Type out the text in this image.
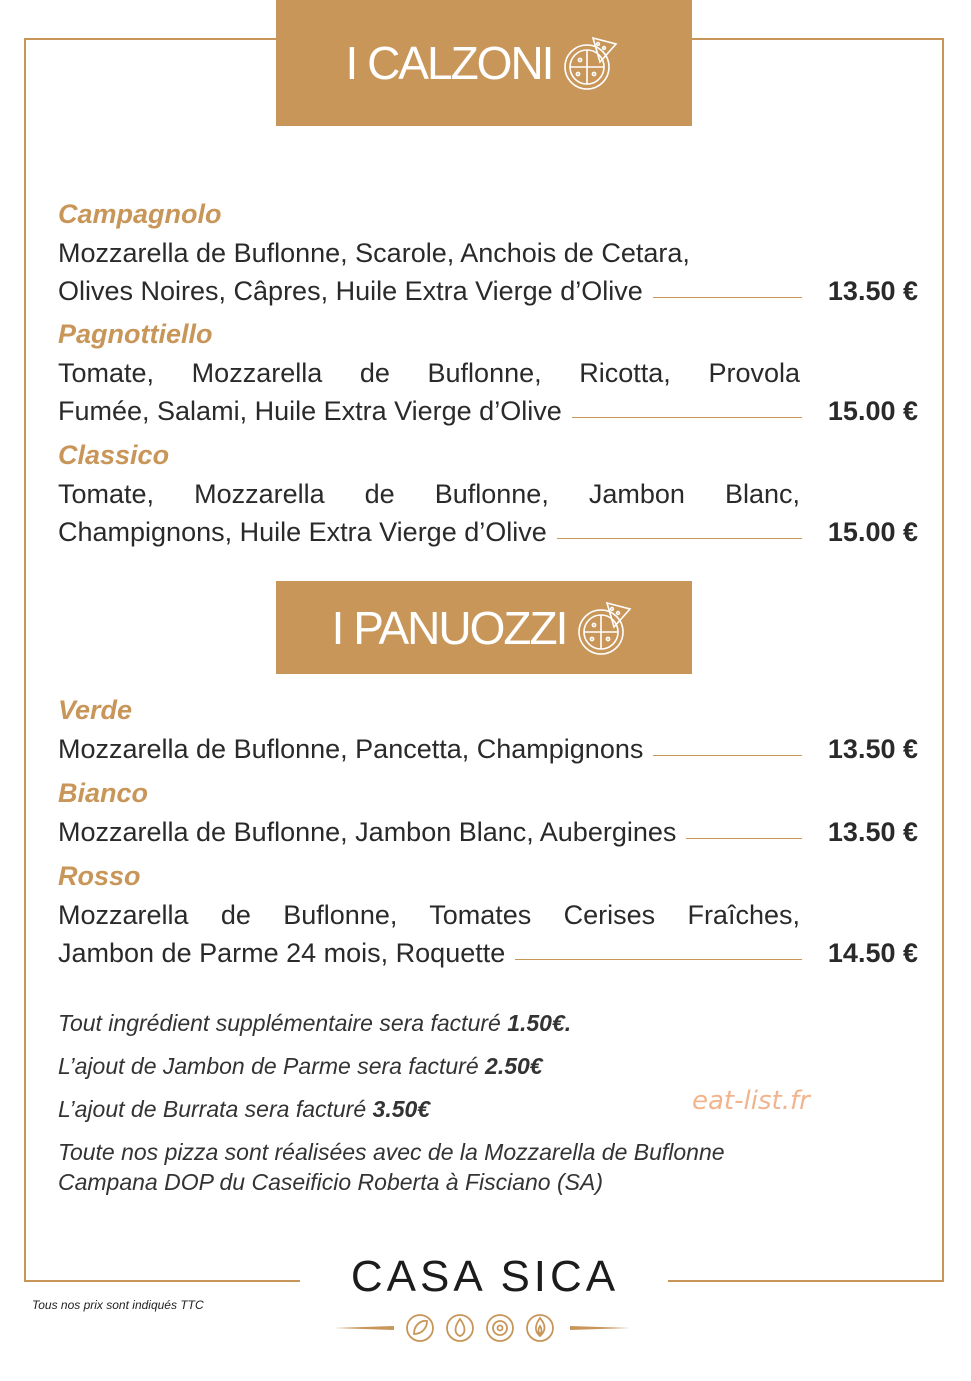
I CALZONI
Campagnolo
Mozzarella de Buflonne, Scarole, Anchois de Cetara,
Olives Noires, Câpres, Huile Extra Vierge d’Olive	13.50 €
Pagnottiello
Tomate, Mozzarella de Buflonne, Ricotta, Provola
Fumée, Salami, Huile Extra Vierge d’Olive	15.00 €
Classico
Tomate, Mozzarella de Buflonne, Jambon Blanc,
Champignons, Huile Extra Vierge d’Olive	15.00 €
I PANUOZZI
Verde
Mozzarella de Buflonne, Pancetta, Champignons	13.50 €
Bianco
Mozzarella de Buflonne, Jambon Blanc, Aubergines	13.50 €
Rosso
Mozzarella de Buflonne, Tomates Cerises Fraîches,
Jambon de Parme 24 mois, Roquette	14.50 €
Tout ingrédient supplémentaire sera facturé 1.50€.
L’ajout de Jambon de Parme sera facturé 2.50€
L’ajout de Burrata sera facturé 3.50€
Toute nos pizza sont réalisées avec de la Mozzarella de Buflonne
Campana DOP du Caseificio Roberta à Fisciano (SA)
eat-list.fr
CASA SICA
Tous nos prix sont indiqués TTC
